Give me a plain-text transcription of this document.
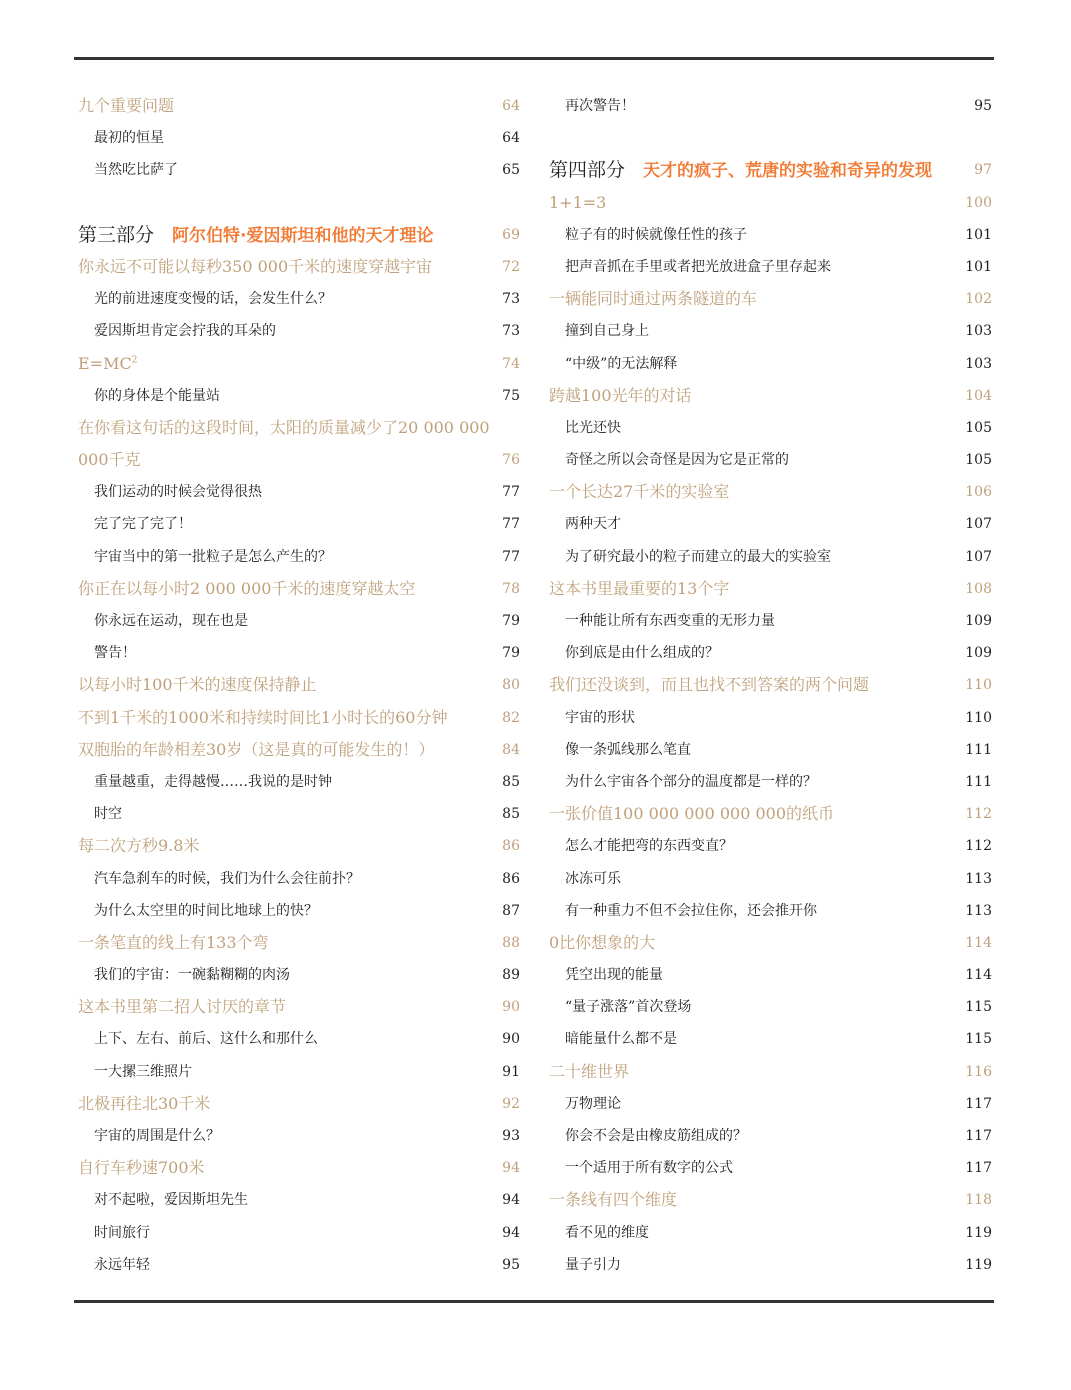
九个重要问题	64
最初的恒星	64
当然吃比萨了	65
第三部分 阿尔伯特·爱因斯坦和他的天才理论	69
你永远不可能以每秒350 000千米的速度穿越宇宙	72
光的前进速度变慢的话，会发生什么？	73
爱因斯坦肯定会拧我的耳朵的	73
$E=MC^2$	74
你的身体是个能量站	75
在你看这句话的这段时间，太阳的质量减少了20 000 000
000千克	76
我们运动的时候会觉得很热	77
完了完了完了！	77
宇宙当中的第一批粒子是怎么产生的？	77
你正在以每小时2 000 000千米的速度穿越太空	78
你永远在运动，现在也是	79
警告！	79
以每小时100千米的速度保持静止	80
不到1千米的1000米和持续时间比1小时长的60分钟	82
双胞胎的年龄相差30岁（这是真的可能发生的！）	84
重量越重，走得越慢……我说的是时钟	85
时空	85
每二次方秒9.8米	86
汽车急刹车的时候，我们为什么会往前扑？	86
为什么太空里的时间比地球上的快？	87
一条笔直的线上有133个弯	88
我们的宇宙：一碗黏糊糊的肉汤	89
这本书里第二招人讨厌的章节	90
上下、左右、前后、这什么和那什么	90
一大摞三维照片	91
北极再往北30千米	92
宇宙的周围是什么？	93
自行车秒速700米	94
对不起啦，爱因斯坦先生	94
时间旅行	94
永远年轻	95
再次警告！	95
第四部分 天才的疯子、荒唐的实验和奇异的发现	97
1+1=3	100
粒子有的时候就像任性的孩子	101
把声音抓在手里或者把光放进盒子里存起来	101
一辆能同时通过两条隧道的车	102
撞到自己身上	103
“中级”的无法解释	103
跨越100光年的对话	104
比光还快	105
奇怪之所以会奇怪是因为它是正常的	105
一个长达27千米的实验室	106
两种天才	107
为了研究最小的粒子而建立的最大的实验室	107
这本书里最重要的13个字	108
一种能让所有东西变重的无形力量	109
你到底是由什么组成的？	109
我们还没谈到，而且也找不到答案的两个问题	110
宇宙的形状	110
像一条弧线那么笔直	111
为什么宇宙各个部分的温度都是一样的？	111
一张价值100 000 000 000 000的纸币	112
怎么才能把弯的东西变直？	112
冰冻可乐	113
有一种重力不但不会拉住你，还会推开你	113
0比你想象的大	114
凭空出现的能量	114
“量子涨落”首次登场	115
暗能量什么都不是	115
二十维世界	116
万物理论	117
你会不会是由橡皮筋组成的？	117
一个适用于所有数字的公式	117
一条线有四个维度	118
看不见的维度	119
量子引力	119
